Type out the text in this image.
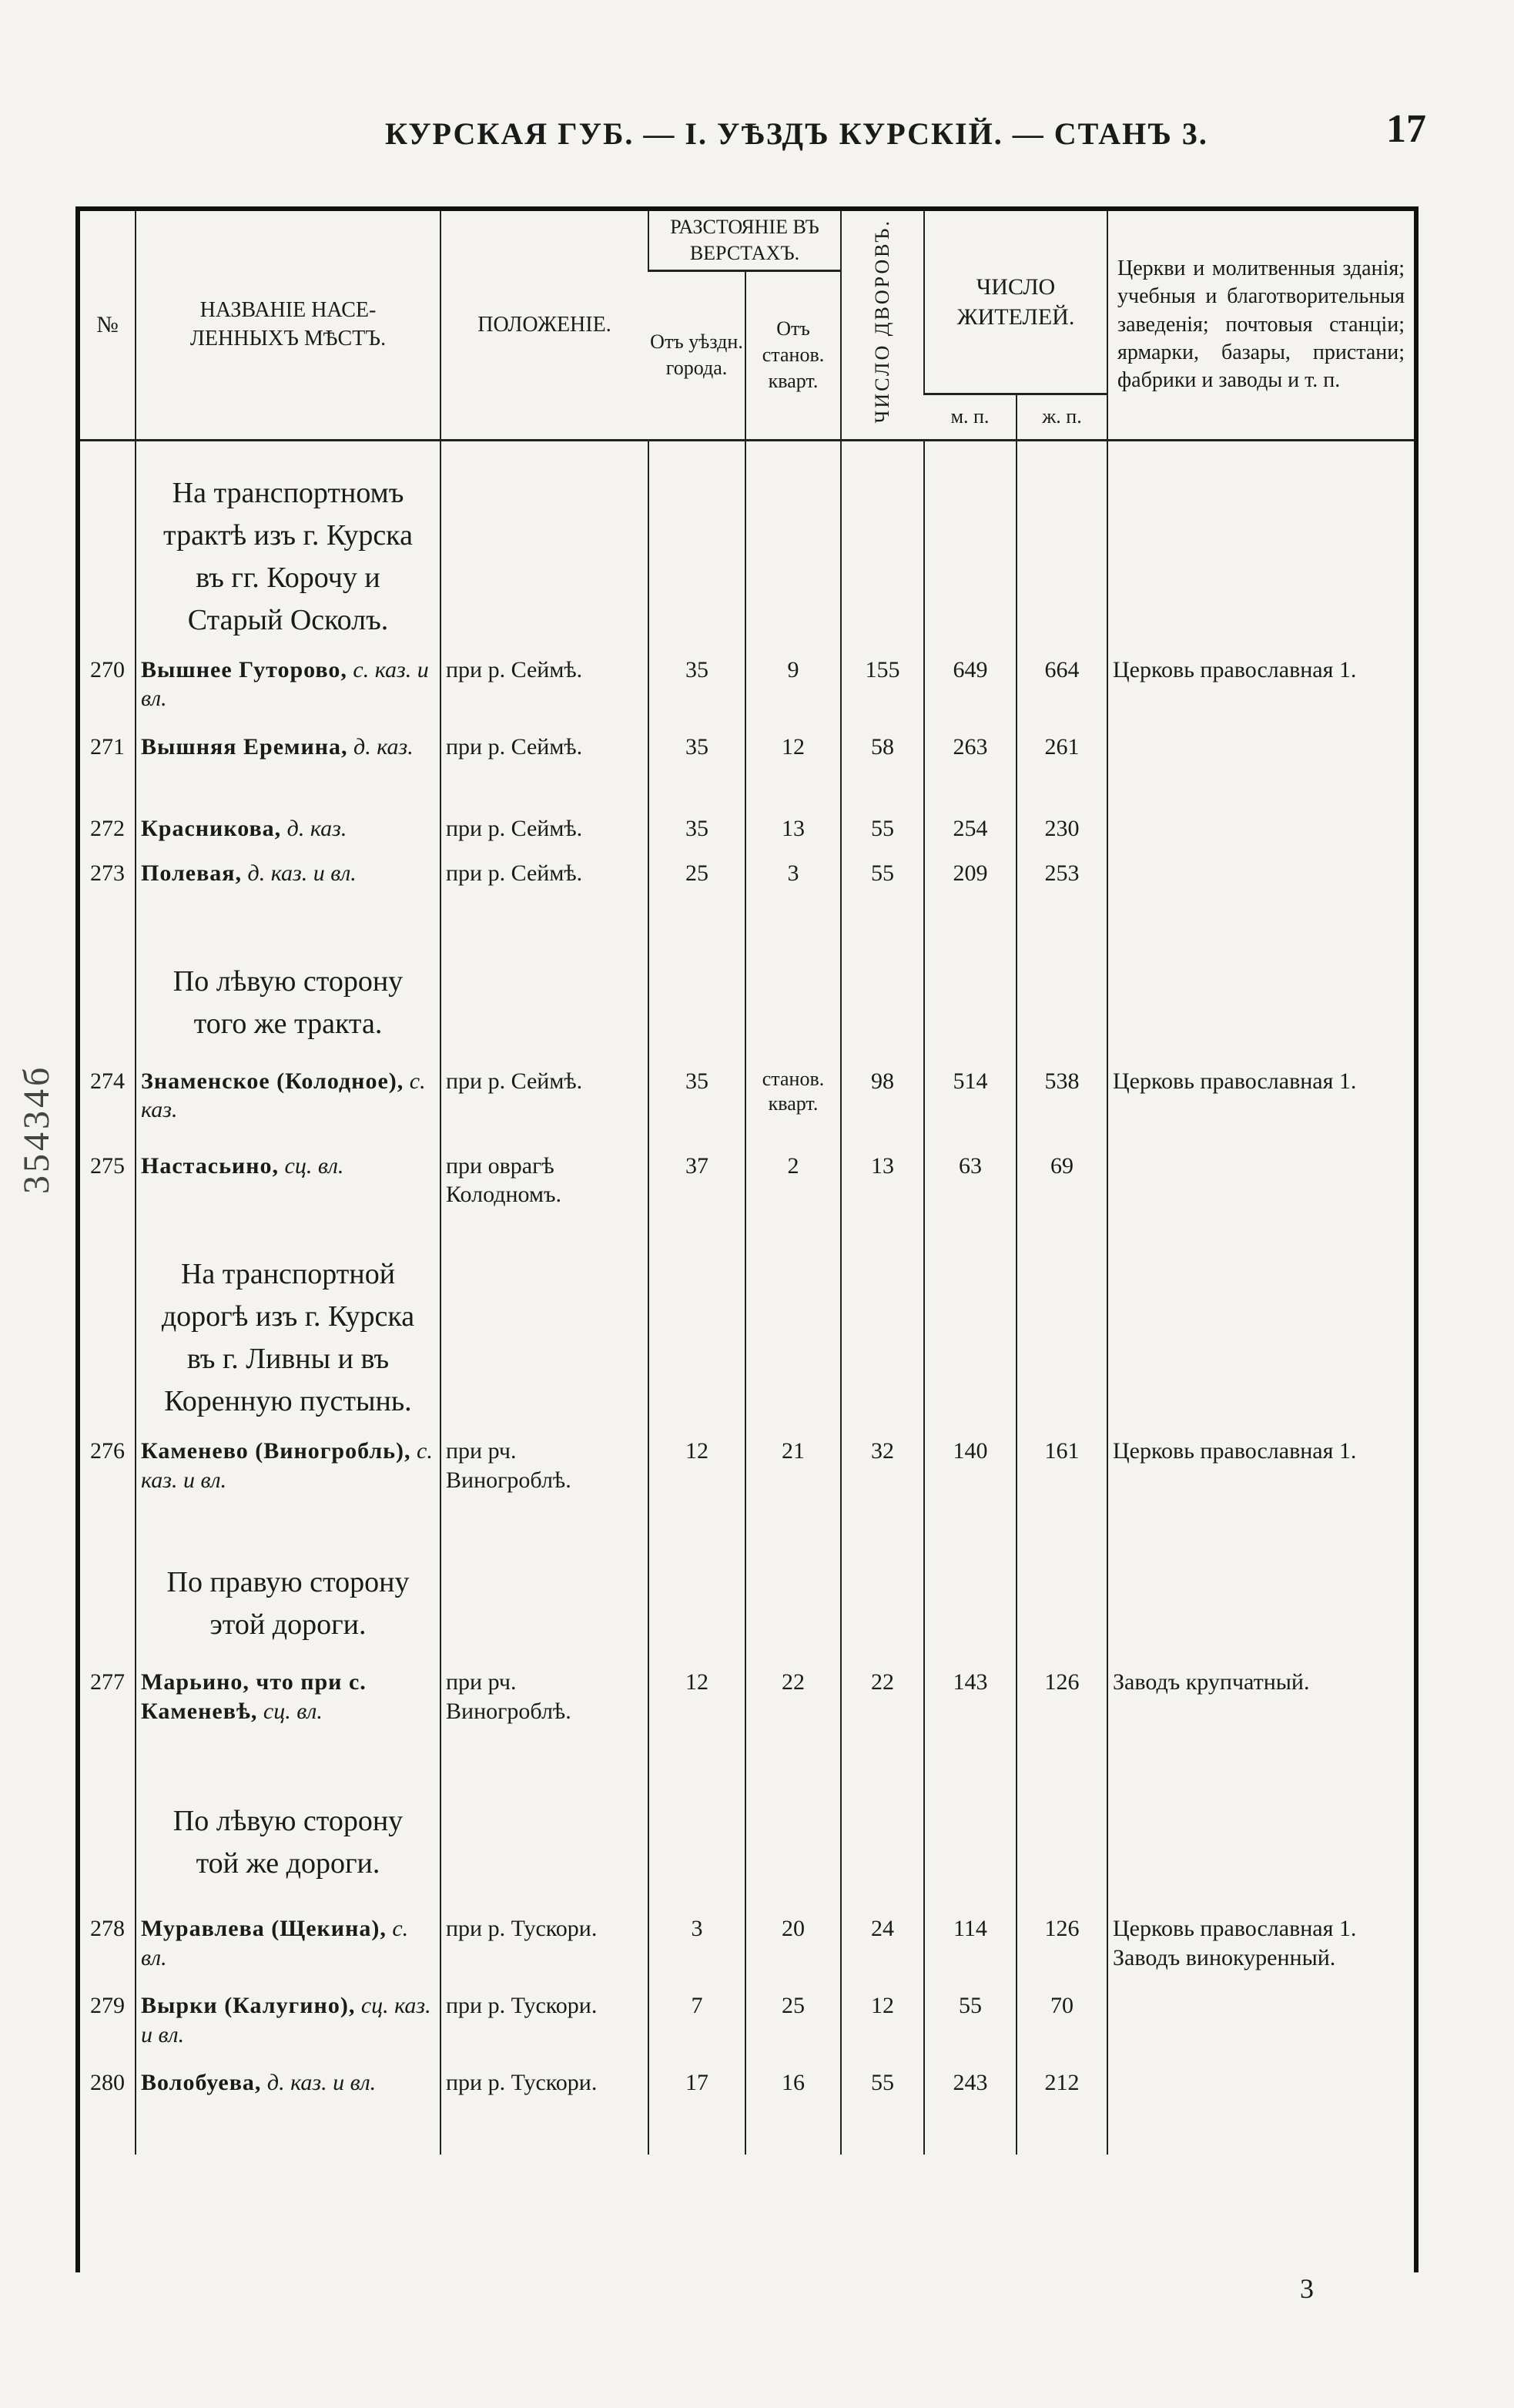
КУРСКАЯ ГУБ. — I. УѢЗДЪ КУРСКІЙ. — СТАНЪ 3.	17
35434б
№	НАЗВАНІЕ НАСЕ-ЛЕННЫХЪ МѢСТЪ.	ПОЛОЖЕНІЕ.	РАЗСТОЯНІЕ ВЪ ВЕРСТАХЪ.		ЧИСЛО ДВОРОВЪ.	ЧИСЛО ЖИТЕЛЕЙ.		Церкви и молитвенныя зданія; учебныя и благотворительныя заведенія; почтовыя станціи; ярмарки, базары, пристани; фабрики и заводы и т. п.
			Отъ уѣздн. города.	Отъ станов. кварт.				
						м. п.	ж. п.	
	На транспортномъ трактѣ изъ г. Курска въ гг. Корочу и Старый Осколъ.							
270	Вышнее Гуторово, с. каз. и вл.	при р. Сеймѣ.	35	9	155	649	664	Церковь православная 1.
271	Вышняя Еремина, д. каз.	при р. Сеймѣ.	35	12	58	263	261	
272	Красникова, д. каз.	при р. Сеймѣ.	35	13	55	254	230	
273	Полевая, д. каз. и вл.	при р. Сеймѣ.	25	3	55	209	253	
	По лѣвую сторону того же тракта.							
274	Знаменское (Колодное), с. каз.	при р. Сеймѣ.	35	станов. кварт.	98	514	538	Церковь православная 1.
275	Настасьино, сц. вл.	при оврагѣ Колодномъ.	37	2	13	63	69	
	На транспортной дорогѣ изъ г. Курска въ г. Ливны и въ Коренную пустынь.							
276	Каменево (Виногробль), с. каз. и вл.	при рч. Виногроблѣ.	12	21	32	140	161	Церковь православная 1.
	По правую сторону этой дороги.							
277	Марьино, что при с. Каменевѣ, сц. вл.	при рч. Виногроблѣ.	12	22	22	143	126	Заводъ крупчатный.
	По лѣвую сторону той же дороги.							
278	Муравлева (Щекина), с. вл.	при р. Тускори.	3	20	24	114	126	Церковь православная 1. Заводъ винокуренный.
279	Вырки (Калугино), сц. каз. и вл.	при р. Тускори.	7	25	12	55	70	
280	Волобуева, д. каз. и вл.	при р. Тускори.	17	16	55	243	212	
3
